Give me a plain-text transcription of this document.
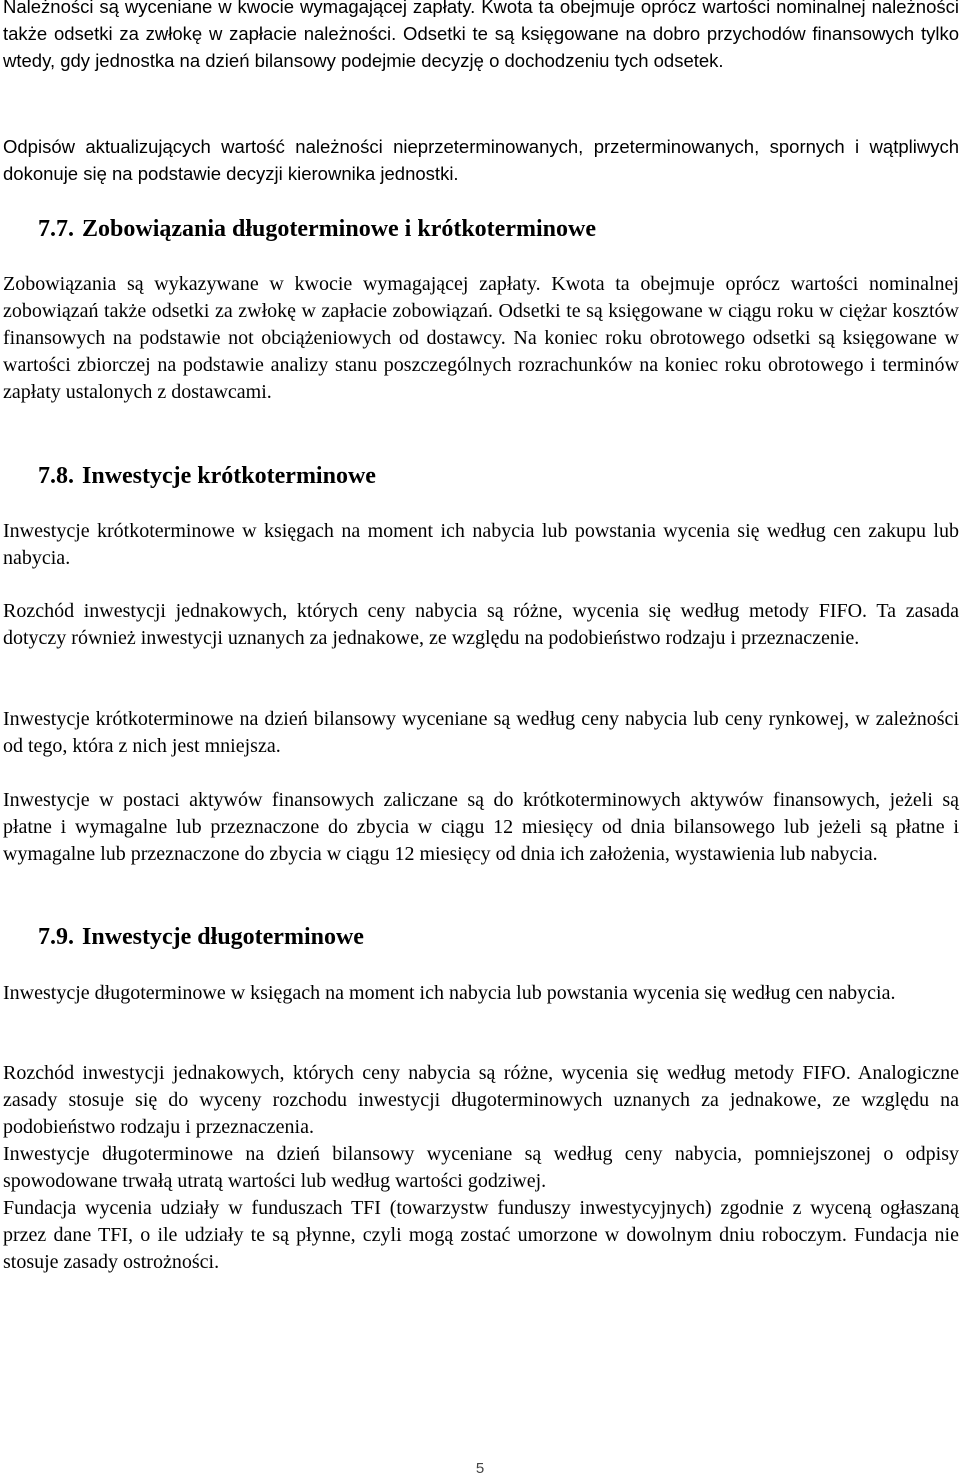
Należności są wyceniane w kwocie wymagającej zapłaty. Kwota ta obejmuje oprócz wartości nominalnej należności także odsetki za zwłokę w zapłacie należności. Odsetki te są księgowane na dobro przychodów finansowych tylko wtedy, gdy jednostka na dzień bilansowy podejmie decyzję o dochodzeniu tych odsetek.

Odpisów aktualizujących wartość należności nieprzeterminowanych, przeterminowanych, spornych i wątpliwych dokonuje się na podstawie decyzji kierownika jednostki.

7.7. Zobowiązania długoterminowe i krótkoterminowe

Zobowiązania są wykazywane w kwocie wymagającej zapłaty. Kwota ta obejmuje oprócz wartości nominalnej zobowiązań także odsetki za zwłokę w zapłacie zobowiązań. Odsetki te są księgowane w ciągu roku w ciężar kosztów finansowych na podstawie not obciążeniowych od dostawcy. Na koniec roku obrotowego odsetki są księgowane w wartości zbiorczej na podstawie analizy stanu poszczególnych rozrachunków na koniec roku obrotowego i terminów zapłaty ustalonych z dostawcami.

7.8. Inwestycje krótkoterminowe

Inwestycje krótkoterminowe w księgach na moment ich nabycia lub powstania wycenia się według cen zakupu lub nabycia.

Rozchód inwestycji jednakowych, których ceny nabycia są różne, wycenia się według metody FIFO. Ta zasada dotyczy również inwestycji uznanych za jednakowe, ze względu na podobieństwo rodzaju i przeznaczenie.

Inwestycje krótkoterminowe na dzień bilansowy wyceniane są według ceny nabycia lub ceny rynkowej, w zależności od tego, która z nich jest mniejsza.

Inwestycje w postaci aktywów finansowych zaliczane są do krótkoterminowych aktywów finansowych, jeżeli są płatne i wymagalne lub przeznaczone do zbycia w ciągu 12 miesięcy od dnia bilansowego lub jeżeli są płatne i wymagalne lub przeznaczone do zbycia w ciągu 12 miesięcy od dnia ich założenia, wystawienia lub nabycia.

7.9. Inwestycje długoterminowe

Inwestycje długoterminowe w księgach na moment ich nabycia lub powstania wycenia się według cen nabycia.

Rozchód inwestycji jednakowych, których ceny nabycia są różne, wycenia się według metody FIFO. Analogiczne zasady stosuje się do wyceny rozchodu inwestycji długoterminowych uznanych za jednakowe, ze względu na podobieństwo rodzaju i przeznaczenia.

Inwestycje długoterminowe na dzień bilansowy wyceniane są według ceny nabycia, pomniejszonej o odpisy spowodowane trwałą utratą wartości lub według wartości godziwej.

Fundacja wycenia udziały w funduszach TFI (towarzystw funduszy inwestycyjnych) zgodnie z wyceną ogłaszaną przez dane TFI, o ile udziały te są płynne, czyli mogą zostać umorzone w dowolnym dniu roboczym. Fundacja nie stosuje zasady ostrożności.

5
